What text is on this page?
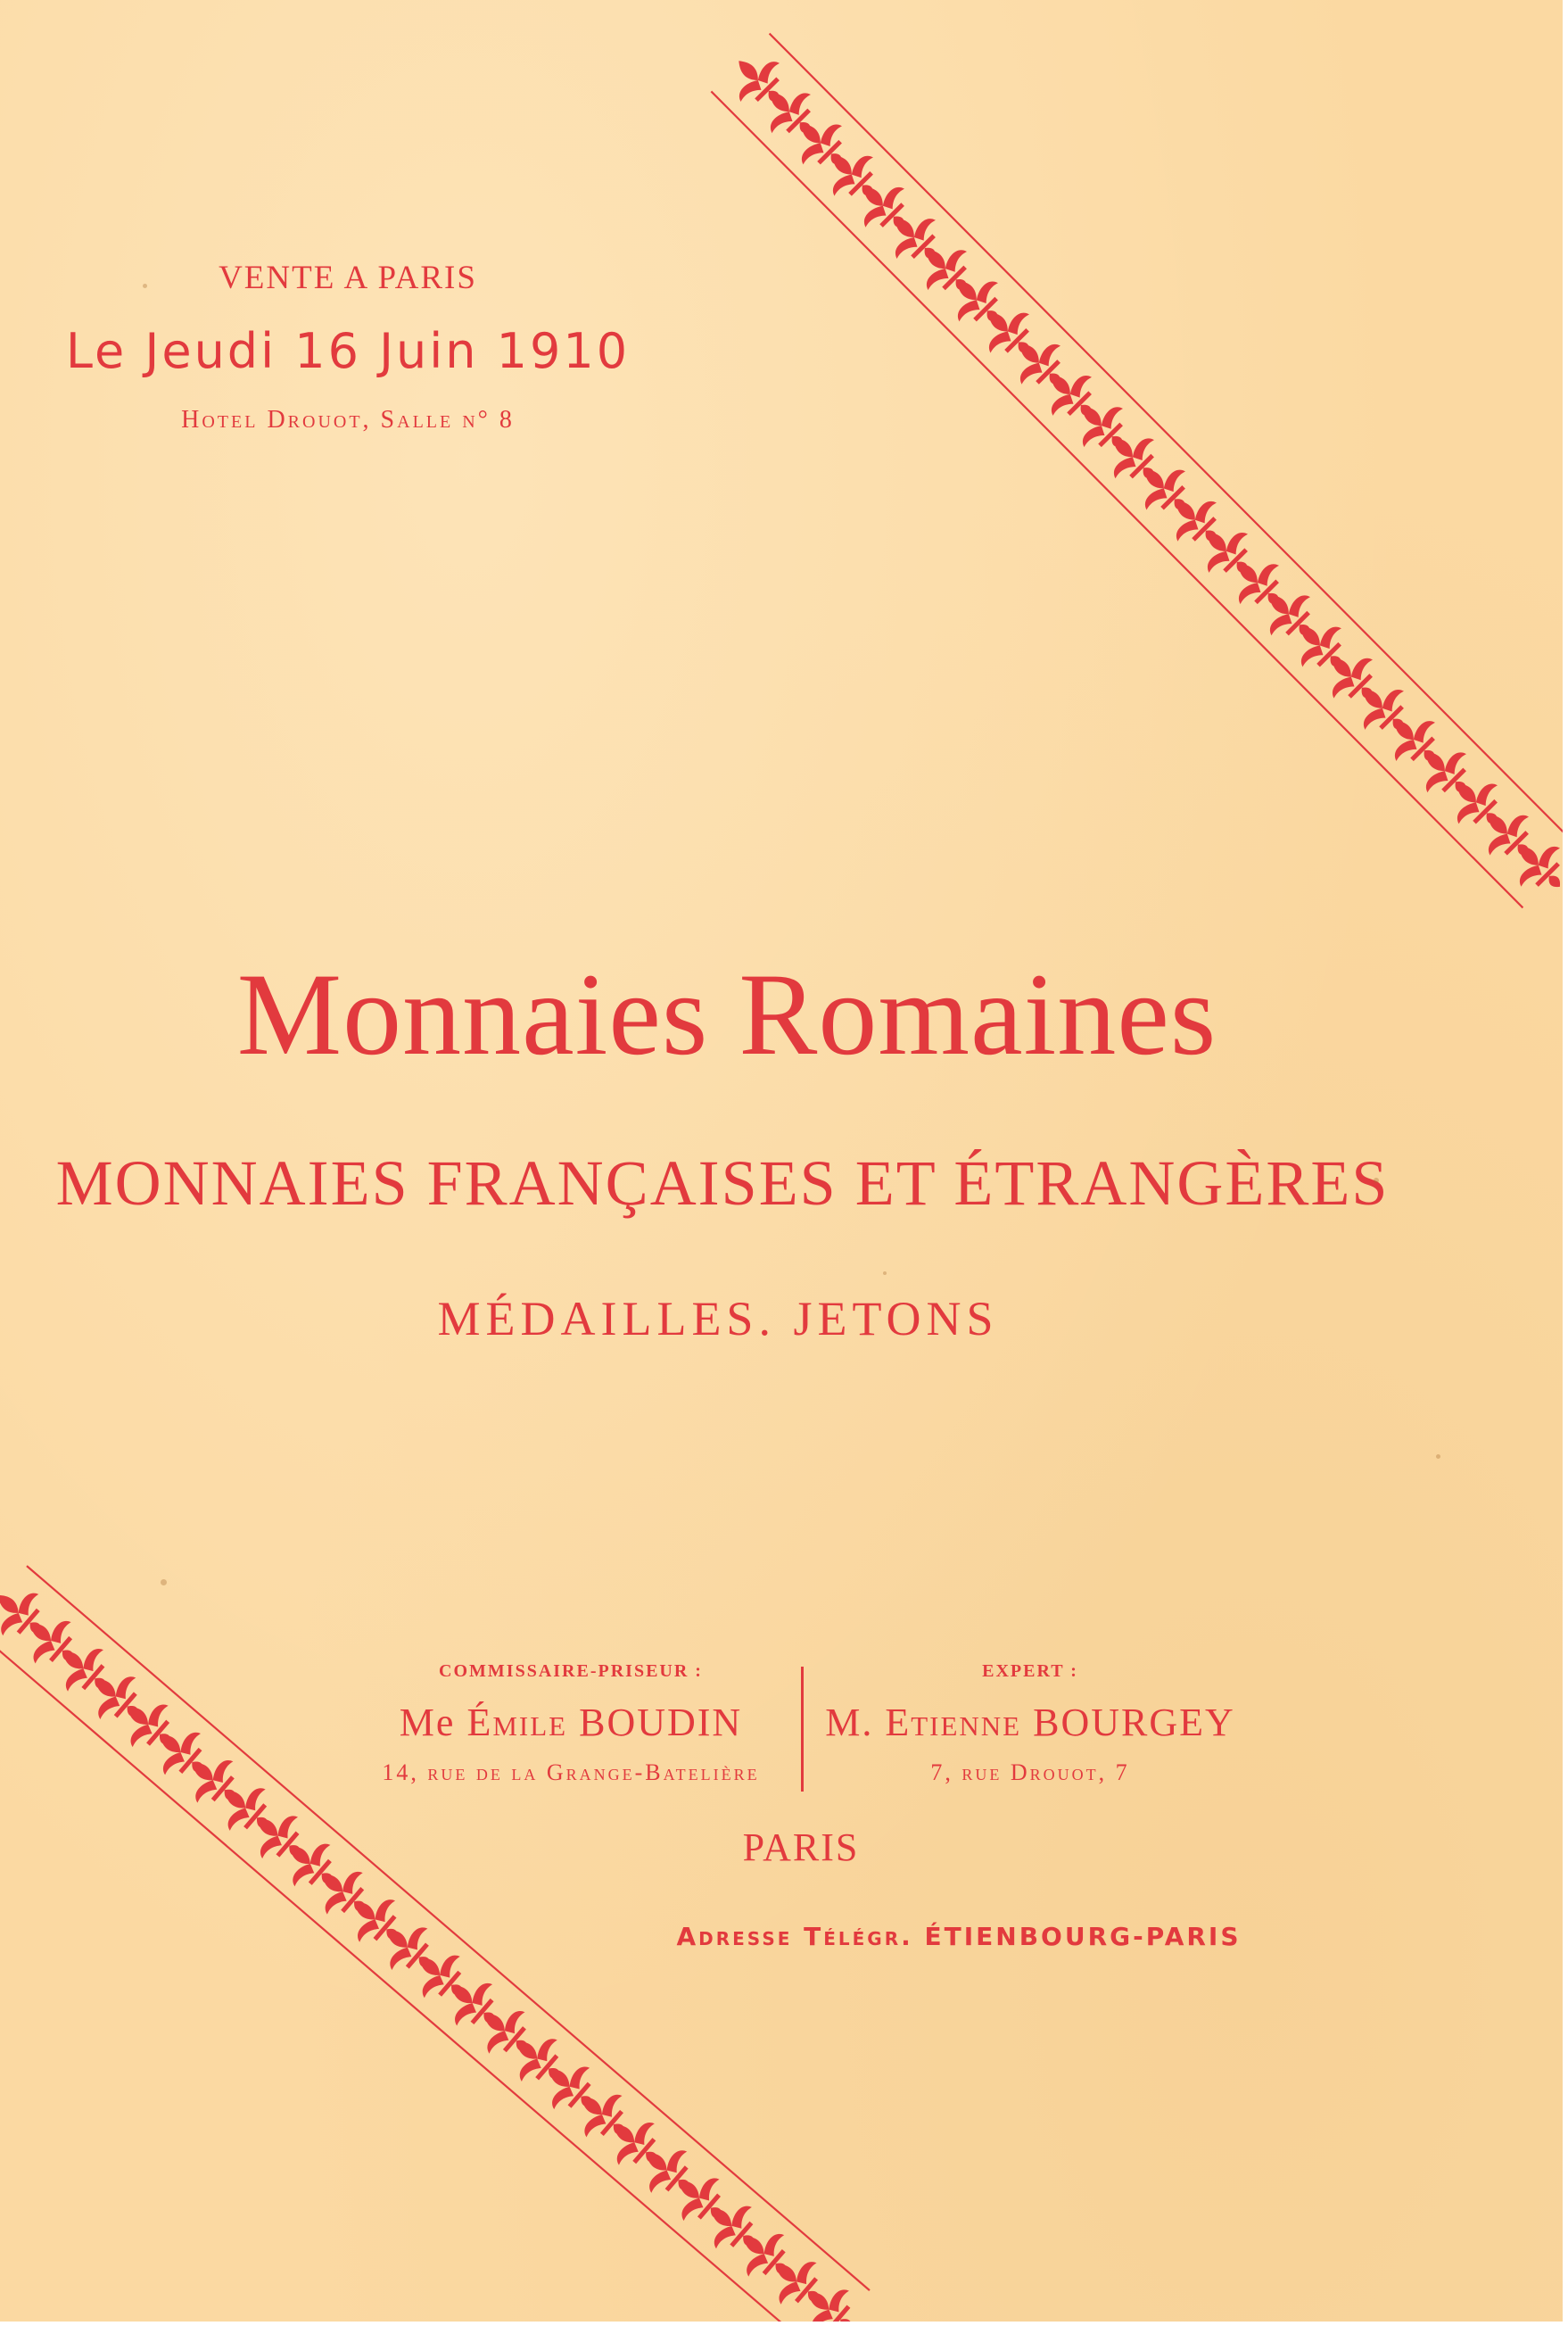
VENTE A PARIS
Le Jeudi 16 Juin 1910
Hotel Drouot, Salle n° 8
Monnaies Romaines
MONNAIES FRANÇAISES ET ÉTRANGÈRES
MÉDAILLES. JETONS
COMMISSAIRE-PRISEUR :
Me Émile BOUDIN
14, rue de la Grange-Batelière
EXPERT :
M. Etienne BOURGEY
7, rue Drouot, 7
PARIS
Adresse Télégr. ÉTIENBOURG-PARIS
